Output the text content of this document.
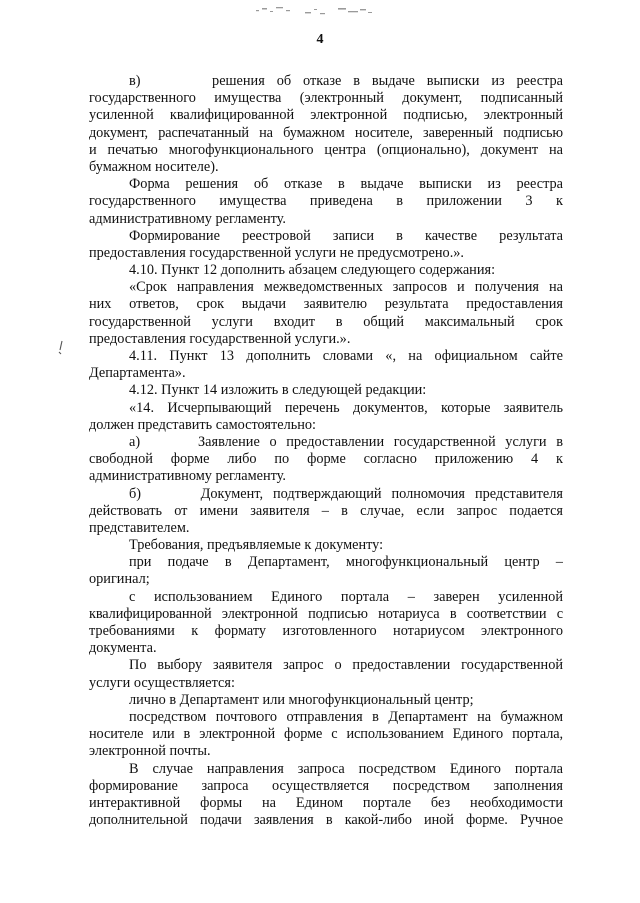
4
в)      решения об отказе в выдаче выписки из реестра
государственного имущества (электронный документ, подписанный
усиленной квалифицированной электронной подписью, электронный
документ, распечатанный на бумажном носителе, заверенный подписью
и печатью многофункционального центра (опционально), документ на
бумажном носителе).
Форма решения об отказе в выдаче выписки из реестра
государственного имущества приведена в приложении 3 к
административному регламенту.
Формирование реестровой записи в качестве результата
предоставления государственной услуги не предусмотрено.».
4.10. Пункт 12 дополнить абзацем следующего содержания:
«Срок направления межведомственных запросов и получения на
них ответов, срок выдачи заявителю результата предоставления
государственной услуги входит в общий максимальный срок
предоставления государственной услуги.».
4.11. Пункт 13 дополнить словами «, на официальном сайте
Департамента».
4.12. Пункт 14 изложить в следующей редакции:
«14. Исчерпывающий перечень документов, которые заявитель
должен представить самостоятельно:
а)      Заявление о предоставлении государственной услуги в
свободной форме либо по форме согласно приложению 4 к
административному регламенту.
б)      Документ, подтверждающий полномочия представителя
действовать от имени заявителя – в случае, если запрос подается
представителем.
Требования, предъявляемые к документу:
при подаче в Департамент, многофункциональный центр –
оригинал;
с использованием Единого портала – заверен усиленной
квалифицированной электронной подписью нотариуса в соответствии с
требованиями к формату изготовленного нотариусом электронного
документа.
По выбору заявителя запрос о предоставлении государственной
услуги осуществляется:
лично в Департамент или многофункциональный центр;
посредством почтового отправления в Департамент на бумажном
носителе или в электронной форме с использованием Единого портала,
электронной почты.
В случае направления запроса посредством Единого портала
формирование запроса осуществляется посредством заполнения
интерактивной формы на Едином портале без необходимости
дополнительной подачи заявления в какой-либо иной форме. Ручное
